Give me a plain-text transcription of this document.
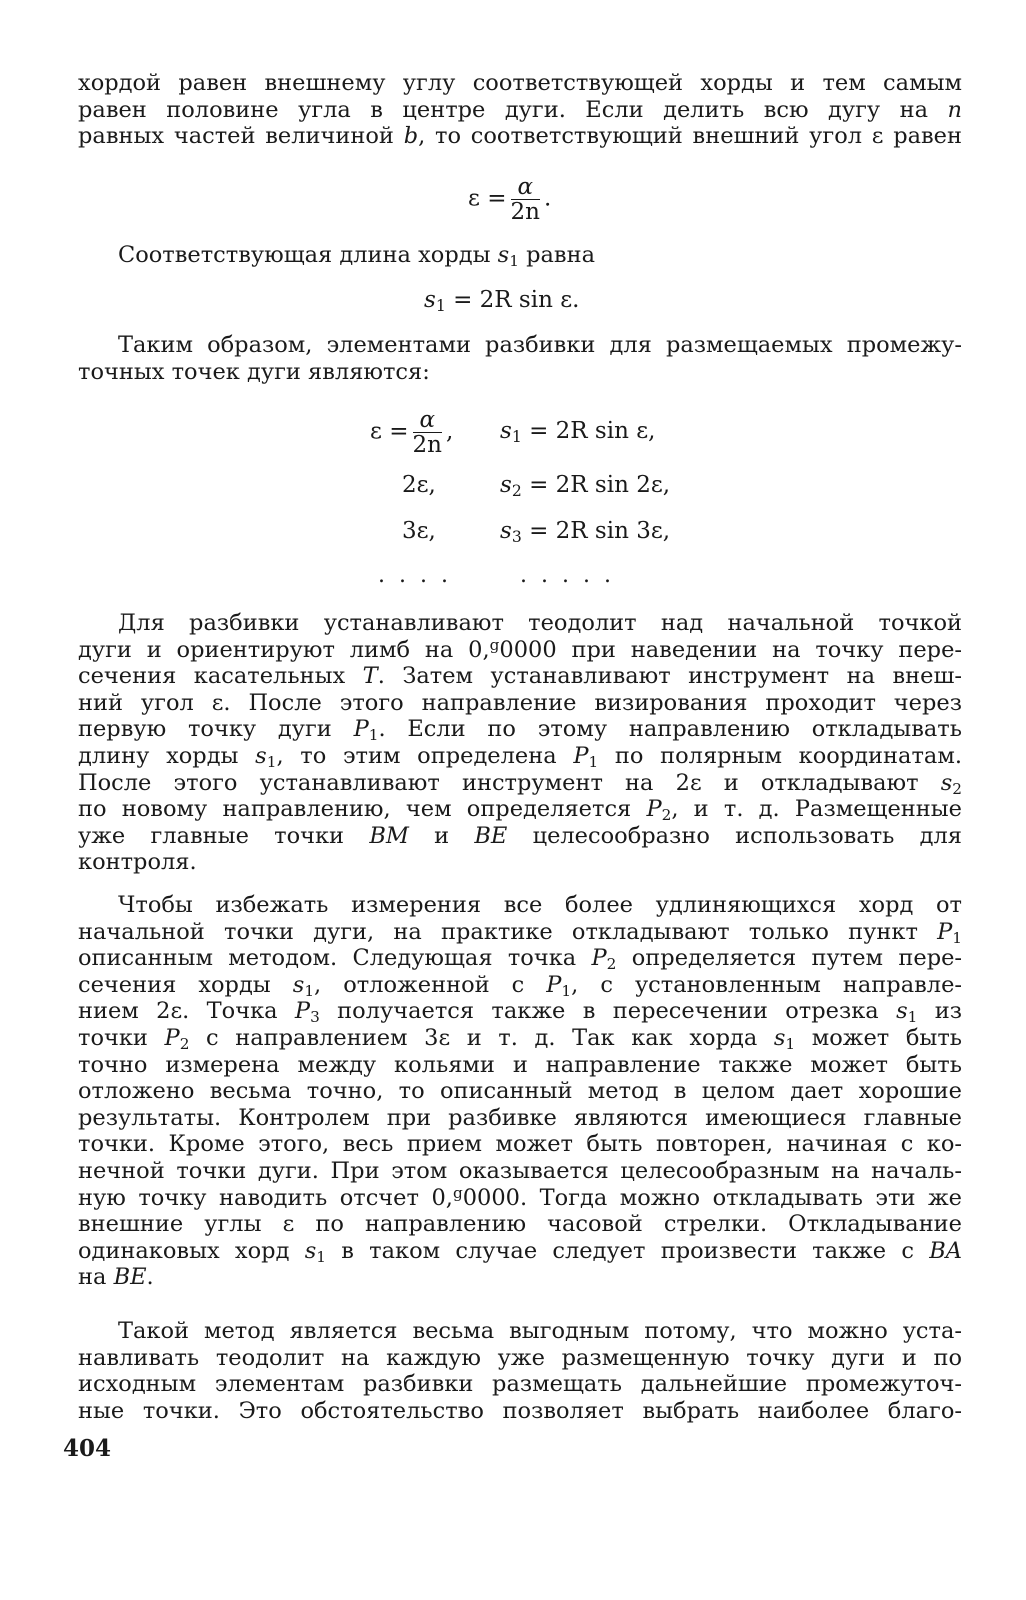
хордой равен внешнему углу соответствующей хорды и тем самым
равен половине угла в центре дуги. Если делить всю дугу на n
равных частей величиной b, то соответствующий внешний угол ε равен
$\varepsilon = \frac{\alpha}{2n}$ .
Соответствующая длина хорды $s_1$ равна
$s_1 = 2R$ sin ε.
Таким образом, элементами разбивки для размещаемых промежу-
точных точек дуги являются:
$\varepsilon = \frac{\alpha}{2n}$ , $s_1 = 2R$ sin ε,
2ε,	$s_2 = 2R$ sin 2ε,
3ε,	$s_3 = 2R$ sin 3ε,
....	.....
Для разбивки устанавливают теодолит над начальной точкой
дуги и ориентируют лимб на 0,$^g$0000 при наведении на точку пере-
сечения касательных T. Затем устанавливают инструмент на внеш-
ний угол ε. После этого направление визирования проходит через
первую точку дуги $P_1$. Если по этому направлению откладывать
длину хорды $s_1$, то этим определена $P_1$ по полярным координатам.
После этого устанавливают инструмент на 2ε и откладывают $s_2$
по новому направлению, чем определяется $P_2$, и т. д. Размещенные
уже главные точки BM и BE целесообразно использовать для
контроля.
Чтобы избежать измерения все более удлиняющихся хорд от
начальной точки дуги, на практике откладывают только пункт $P_1$
описанным методом. Следующая точка $P_2$ определяется путем пере-
сечения хорды $s_1$, отложенной с $P_1$, с установленным направле-
нием 2ε. Точка $P_3$ получается также в пересечении отрезка $s_1$ из
точки $P_2$ с направлением 3ε и т. д. Так как хорда $s_1$ может быть
точно измерена между кольями и направление также может быть
отложено весьма точно, то описанный метод в целом дает хорошие
результаты. Контролем при разбивке являются имеющиеся главные
точки. Кроме этого, весь прием может быть повторен, начиная с ко-
нечной точки дуги. При этом оказывается целесообразным на началь-
ную точку наводить отсчет 0,$^g$0000. Тогда можно откладывать эти же
внешние углы ε по направлению часовой стрелки. Откладывание
одинаковых хорд $s_1$ в таком случае следует произвести также с BA
на BE.
Такой метод является весьма выгодным потому, что можно уста-
навливать теодолит на каждую уже размещенную точку дуги и по
исходным элементам разбивки размещать дальнейшие промежуточ-
ные точки. Это обстоятельство позволяет выбрать наиболее благо-
404
